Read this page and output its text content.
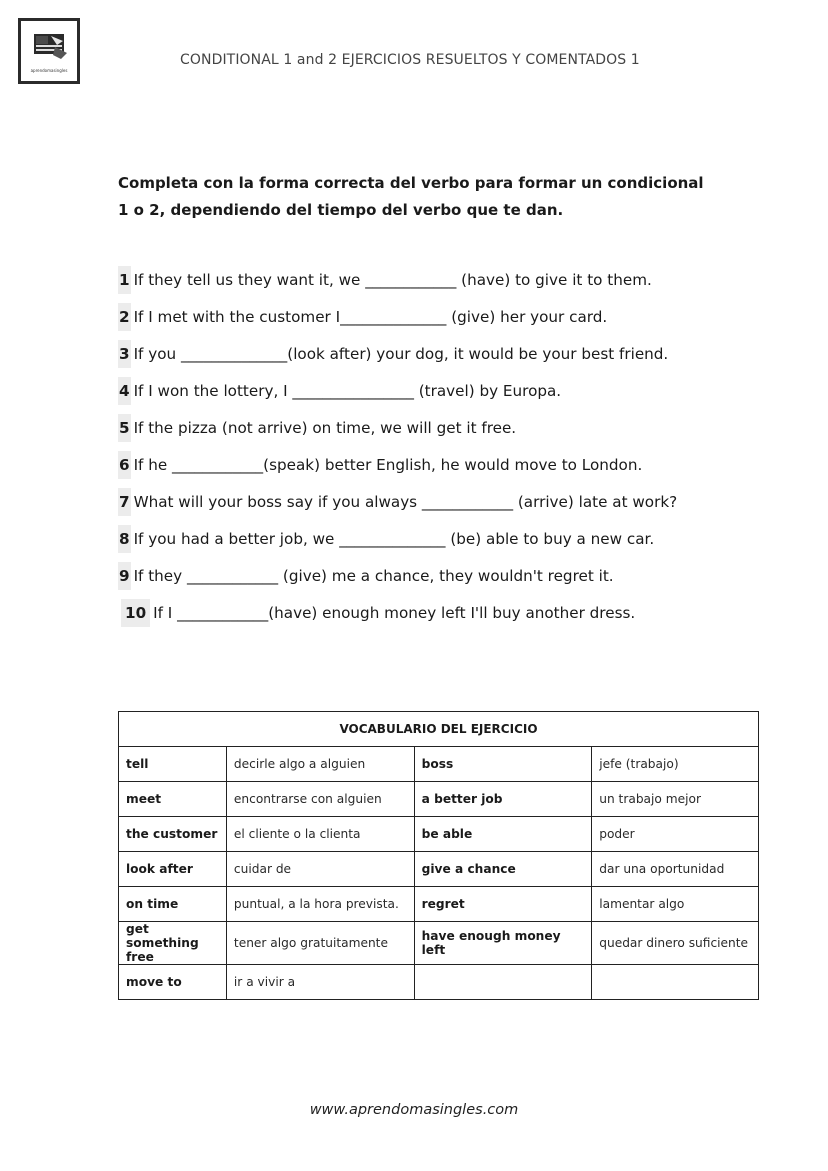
aprendomasingles
CONDITIONAL 1 and 2 EJERCICIOS RESUELTOS Y COMENTADOS 1
Completa con la forma correcta del verbo para formar un condicional
1 o 2, dependiendo del tiempo del verbo que te dan.
1 If they tell us they want it, we ____________ (have) to give it to them.
2 If I met with the customer I______________ (give) her your card.
3 If you ______________(look after) your dog, it would be your best friend.
4 If I won the lottery, I ________________ (travel) by Europa.
5 If the pizza (not arrive) on time, we will get it free.
6 If he ____________(speak) better English, he would move to London.
7 What will your boss say if you always ____________ (arrive) late at work?
8 If you had a better job, we ______________ (be) able to buy a new car.
9 If they ____________ (give) me a chance, they wouldn't regret it.
10 If I ____________(have) enough money left I'll buy another dress.
VOCABULARIO DEL EJERCICIO			
tell	decirle algo a alguien	boss	jefe (trabajo)
meet	encontrarse con alguien	a better job	un trabajo mejor
the customer	el cliente o la clienta	be able	poder
look after	cuidar de	give a chance	dar una oportunidad
on time	puntual, a la hora prevista.	regret	lamentar algo
get something free	tener algo gratuitamente	have enough money left	quedar dinero suficiente
move to	ir a vivir a		
www.aprendomasingles.com
